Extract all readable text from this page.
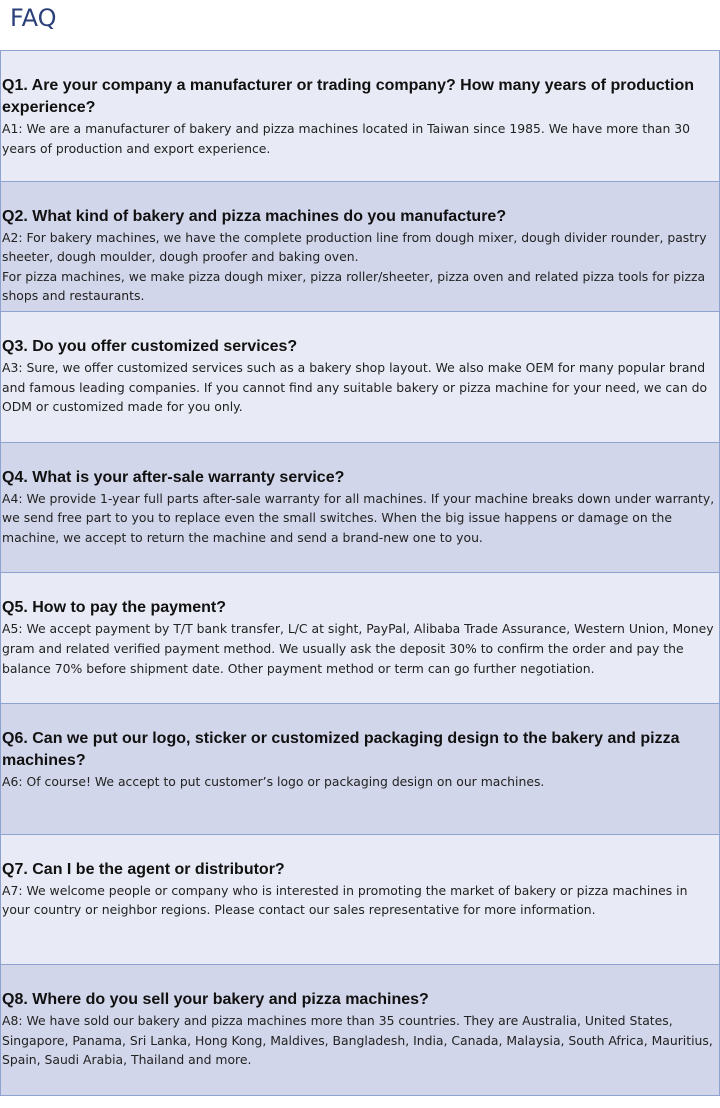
FAQ

Q1. Are your company a manufacturer or trading company? How many years of production experience?

A1: We are a manufacturer of bakery and pizza machines located in Taiwan since 1985. We have more than 30 years of production and export experience.

Q2. What kind of bakery and pizza machines do you manufacture?

A2: For bakery machines, we have the complete production line from dough mixer, dough divider rounder, pastry sheeter, dough moulder, dough proofer and baking oven.
For pizza machines, we make pizza dough mixer, pizza roller/sheeter, pizza oven and related pizza tools for pizza shops and restaurants.

Q3. Do you offer customized services?

A3: Sure, we offer customized services such as a bakery shop layout. We also make OEM for many popular brand and famous leading companies. If you cannot find any suitable bakery or pizza machine for your need, we can do ODM or customized made for you only.

Q4. What is your after-sale warranty service?

A4: We provide 1-year full parts after-sale warranty for all machines. If your machine breaks down under warranty, we send free part to you to replace even the small switches. When the big issue happens or damage on the machine, we accept to return the machine and send a brand-new one to you.

Q5. How to pay the payment?

A5: We accept payment by T/T bank transfer, L/C at sight, PayPal, Alibaba Trade Assurance, Western Union, Money gram and related verified payment method. We usually ask the deposit 30% to confirm the order and pay the balance 70% before shipment date. Other payment method or term can go further negotiation.

Q6. Can we put our logo, sticker or customized packaging design to the bakery and pizza machines?

A6: Of course! We accept to put customer’s logo or packaging design on our machines.

Q7. Can I be the agent or distributor?

A7: We welcome people or company who is interested in promoting the market of bakery or pizza machines in your country or neighbor regions. Please contact our sales representative for more information.

Q8. Where do you sell your bakery and pizza machines?

A8: We have sold our bakery and pizza machines more than 35 countries. They are Australia, United States, Singapore, Panama, Sri Lanka, Hong Kong, Maldives, Bangladesh, India, Canada, Malaysia, South Africa, Mauritius, Spain, Saudi Arabia, Thailand and more.
